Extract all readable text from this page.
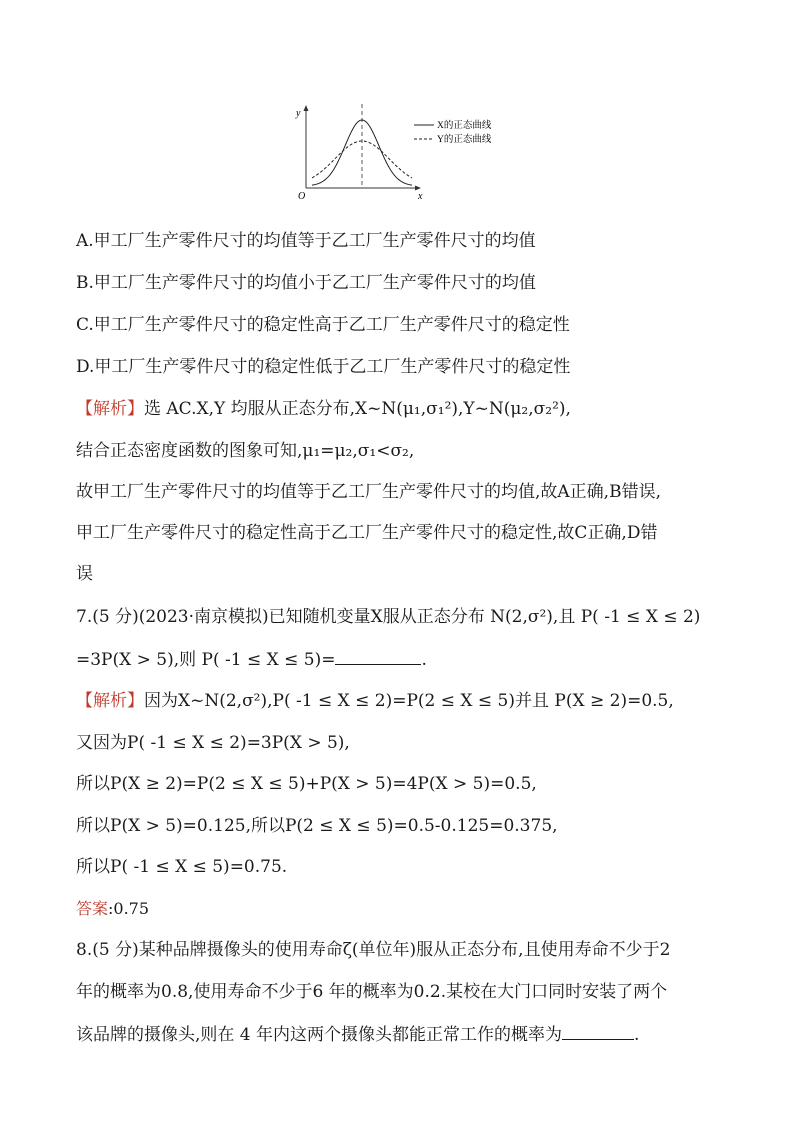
y
x
O
X的正态曲线
Y的正态曲线
A.甲工厂生产零件尺寸的均值等于乙工厂生产零件尺寸的均值
B.甲工厂生产零件尺寸的均值小于乙工厂生产零件尺寸的均值
C.甲工厂生产零件尺寸的稳定性高于乙工厂生产零件尺寸的稳定性
D.甲工厂生产零件尺寸的稳定性低于乙工厂生产零件尺寸的稳定性
【解析】选 AC.X,Y 均服从正态分布,X~N(μ₁,σ₁²),Y~N(μ₂,σ₂²),
结合正态密度函数的图象可知,μ₁=μ₂,σ₁<σ₂,
故甲工厂生产零件尺寸的均值等于乙工厂生产零件尺寸的均值,故A正确,B错误,
甲工厂生产零件尺寸的稳定性高于乙工厂生产零件尺寸的稳定性,故C正确,D错
误
7.(5 分)(2023·南京模拟)已知随机变量X服从正态分布 N(2,σ²),且 P( -1 ≤ X ≤ 2)
=3P(X > 5),则 P( -1 ≤ X ≤ 5)=	.
【解析】因为X~N(2,σ²),P( -1 ≤ X ≤ 2)=P(2 ≤ X ≤ 5)并且 P(X ≥ 2)=0.5,
又因为P( -1 ≤ X ≤ 2)=3P(X > 5),
所以P(X ≥ 2)=P(2 ≤ X ≤ 5)+P(X > 5)=4P(X > 5)=0.5,
所以P(X > 5)=0.125,所以P(2 ≤ X ≤ 5)=0.5-0.125=0.375,
所以P( -1 ≤ X ≤ 5)=0.75.
答案:0.75
8.(5 分)某种品牌摄像头的使用寿命ζ(单位年)服从正态分布,且使用寿命不少于2
年的概率为0.8,使用寿命不少于6 年的概率为0.2.某校在大门口同时安装了两个
该品牌的摄像头,则在 4 年内这两个摄像头都能正常工作的概率为	.
